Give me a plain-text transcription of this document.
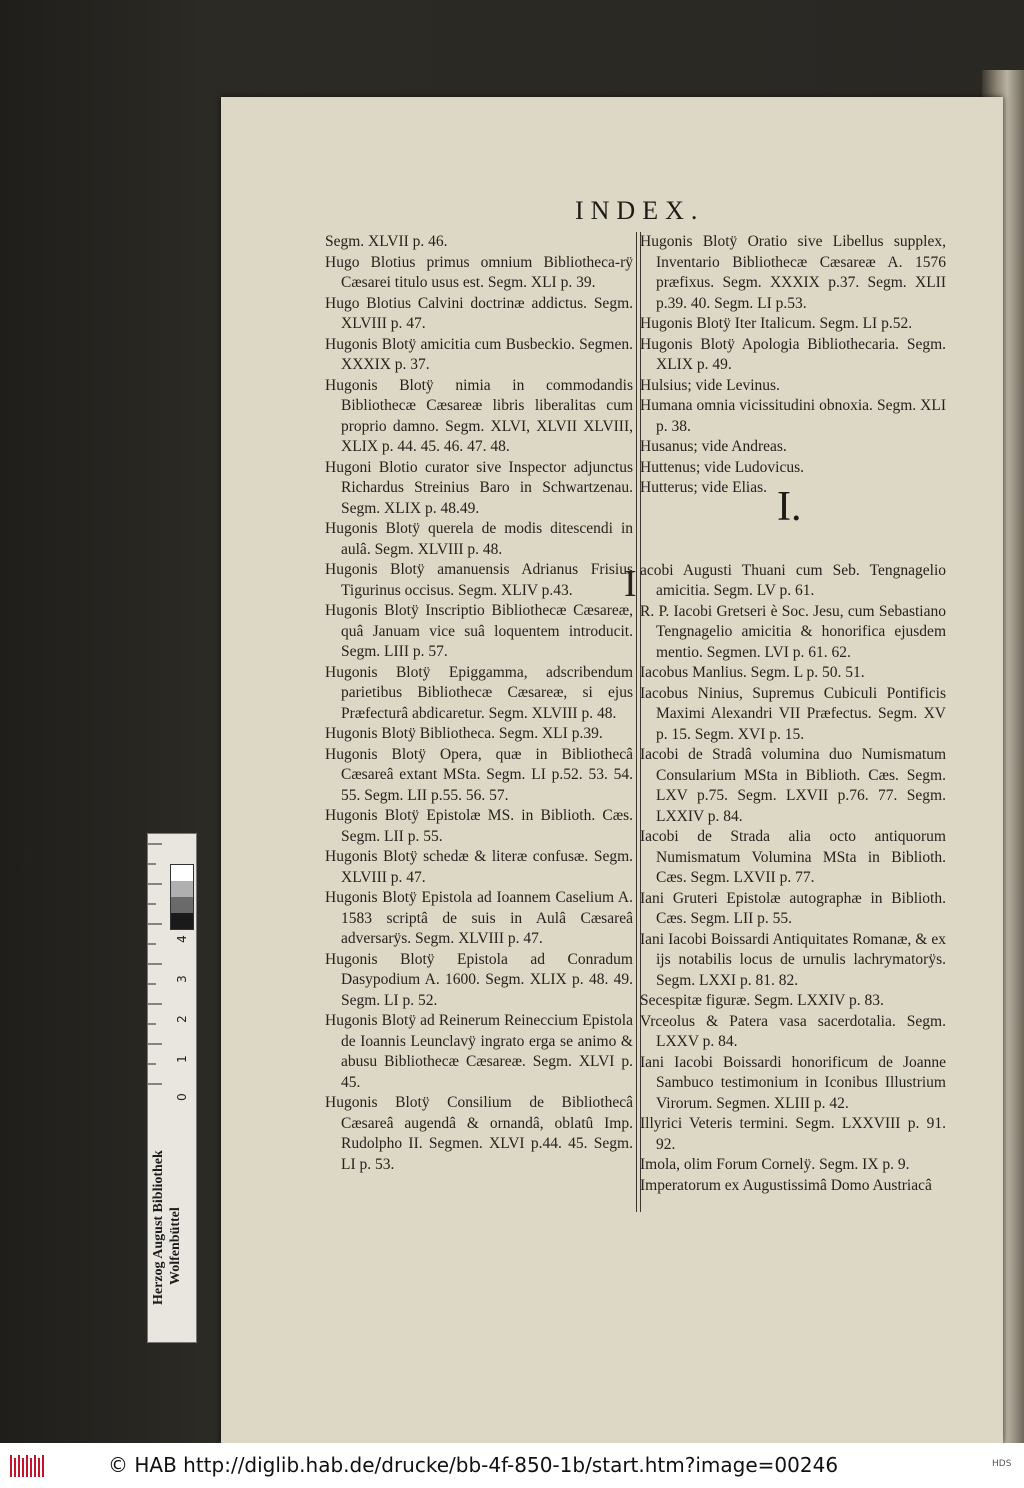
INDEX.

Segm. XLVII p. 46.

Hugo Blotius primus omnium Bibliotheca-rÿ Cæsarei titulo usus est. Segm. XLI p. 39.

Hugo Blotius Calvini doctrinæ addictus. Segm. XLVIII p. 47.

Hugonis Blotÿ amicitia cum Busbeckio. Segmen. XXXIX p. 37.

Hugonis Blotÿ nimia in commodandis Bibliothecæ Cæsareæ libris liberalitas cum proprio damno. Segm. XLVI, XLVII XLVIII, XLIX p. 44. 45. 46. 47. 48.

Hugoni Blotio curator sive Inspector adjunctus Richardus Streinius Baro in Schwartzenau. Segm. XLIX p. 48.49.

Hugonis Blotÿ querela de modis ditescendi in aulâ. Segm. XLVIII p. 48.

Hugonis Blotÿ amanuensis Adrianus Frisius Tigurinus occisus. Segm. XLIV p.43.

Hugonis Blotÿ Inscriptio Bibliothecæ Cæsareæ, quâ Januam vice suâ loquentem introducit. Segm. LIII p. 57.

Hugonis Blotÿ Epiggamma, adscribendum parietibus Bibliothecæ Cæsareæ, si ejus Præfecturâ abdicaretur. Segm. XLVIII p. 48.

Hugonis Blotÿ Bibliotheca. Segm. XLI p.39.

Hugonis Blotÿ Opera, quæ in Bibliothecâ Cæsareâ extant MSta. Segm. LI p.52. 53. 54. 55. Segm. LII p.55. 56. 57.

Hugonis Blotÿ Epistolæ MS. in Biblioth. Cæs. Segm. LII p. 55.

Hugonis Blotÿ schedæ & literæ confusæ. Segm. XLVIII p. 47.

Hugonis Blotÿ Epistola ad Ioannem Caselium A. 1583 scriptâ de suis in Aulâ Cæsareâ adversarÿs. Segm. XLVIII p. 47.

Hugonis Blotÿ Epistola ad Conradum Dasypodium A. 1600. Segm. XLIX p. 48. 49. Segm. LI p. 52.

Hugonis Blotÿ ad Reinerum Reineccium Epistola de Ioannis Leunclavÿ ingrato erga se animo & abusu Bibliothecæ Cæsareæ. Segm. XLVI p. 45.

Hugonis Blotÿ Consilium de Bibliothecâ Cæsareâ augendâ & ornandâ, oblatû Imp. Rudolpho II. Segmen. XLVI p.44. 45. Segm. LI p. 53.

Hugonis Blotÿ Oratio sive Libellus supplex, Inventario Bibliothecæ Cæsareæ A. 1576 præfixus. Segm. XXXIX p.37. Segm. XLII p.39. 40. Segm. LI p.53.

Hugonis Blotÿ Iter Italicum. Segm. LI p.52.

Hugonis Blotÿ Apologia Bibliothecaria. Segm. XLIX p. 49.

Hulsius; vide Levinus.

Humana omnia vicissitudini obnoxia. Segm. XLI p. 38.

Husanus; vide Andreas.

Huttenus; vide Ludovicus.

Hutterus; vide Elias.

acobi Augusti Thuani cum Seb. Tengnagelio amicitia. Segm. LV p. 61.

R. P. Iacobi Gretseri è Soc. Jesu, cum Sebastiano Tengnagelio amicitia & honorifica ejusdem mentio. Segmen. LVI p. 61. 62.

Iacobus Manlius. Segm. L p. 50. 51.

Iacobus Ninius, Supremus Cubiculi Pontificis Maximi Alexandri VII Præfectus. Segm. XV p. 15. Segm. XVI p. 15.

Iacobi de Stradâ volumina duo Numismatum Consularium MSta in Biblioth. Cæs. Segm. LXV p.75. Segm. LXVII p.76. 77. Segm. LXXIV p. 84.

Iacobi de Strada alia octo antiquorum Numismatum Volumina MSta in Biblioth. Cæs. Segm. LXVII p. 77.

Iani Gruteri Epistolæ autographæ in Biblioth. Cæs. Segm. LII p. 55.

Iani Iacobi Boissardi Antiquitates Romanæ, & ex ijs notabilis locus de urnulis lachrymatorÿs. Segm. LXXI p. 81. 82.

Secespitæ figuræ. Segm. LXXIV p. 83.

Vrceolus & Patera vasa sacerdotalia. Segm. LXXV p. 84.

Iani Iacobi Boissardi honorificum de Joanne Sambuco testimonium in Iconibus Illustrium Virorum. Segmen. XLIII p. 42.

Illyrici Veteris termini. Segm. LXXVIII p. 91. 92.

Imola, olim Forum Cornelÿ. Segm. IX p. 9.

Imperatorum ex Augustissimâ Domo Austriacâ

I.
Gray Scale
4
3
2
1
0
Herzog August Bibliothek Wolfenbüttel
© HAB http://diglib.hab.de/drucke/bb-4f-850-1b/start.htm?image=00246	HDS
